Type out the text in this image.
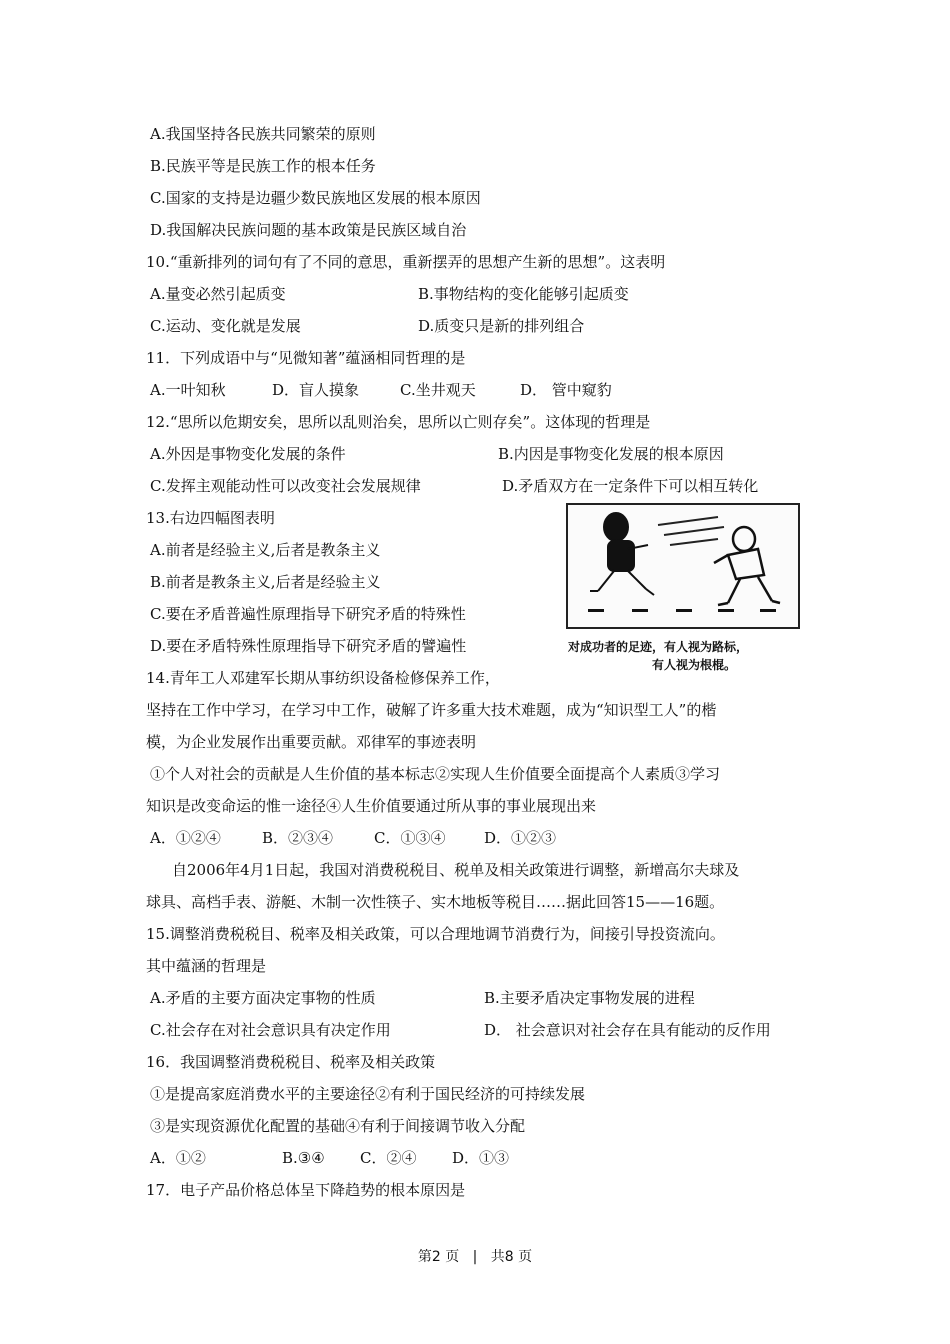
A.我国坚持各民族共同繁荣的原则
B.民族平等是民族工作的根本任务
C.国家的支持是边疆少数民族地区发展的根本原因
D.我国解决民族问题的基本政策是民族区域自治
10.“重新排列的词句有了不同的意思，重新摆弄的思想产生新的思想”。这表明
A.量变必然引起质变	B.事物结构的变化能够引起质变
C.运动、变化就是发展	D.质变只是新的排列组合
11．下列成语中与“见微知著”蕴涵相同哲理的是
A.一叶知秋	D．盲人摸象	C.坐井观天	D． 管中窥豹
12.“思所以危期安矣，思所以乱则治矣，思所以亡则存矣”。这体现的哲理是
A.外因是事物变化发展的条件	B.内因是事物变化发展的根本原因
C.发挥主观能动性可以改变社会发展规律	D.矛盾双方在一定条件下可以相互转化
13.右边四幅图表明
A.前者是经验主义,后者是教条主义
B.前者是教条主义,后者是经验主义
C.要在矛盾普遍性原理指导下研究矛盾的特殊性
D.要在矛盾特殊性原理指导下研究矛盾的譬遍性	对成功者的足迹，有人视为路标，
有人视为根棍。
14.青年工人邓建军长期从事纺织设备检修保养工作，
坚持在工作中学习，在学习中工作，破解了许多重大技术难题，成为“知识型工人”的楷
模，为企业发展作出重要贡献。邓律军的事迹表明
①个人对社会的贡献是人生价值的基本标志②实现人生价值要全面提高个人素质③学习
知识是改变命运的惟一途径④人生价值要通过所从事的事业展现出来
A．①②④	B．②③④	C．①③④	D．①②③
自2006年4月1日起，我国对消费税税目、税单及相关政策进行调整，新增高尔夫球及
球具、高档手表、游艇、木制一次性筷子、实木地板等税目……据此回答15——16题。
15.调整消费税税目、税率及相关政策，可以合理地调节消费行为，间接引导投资流向。
其中蕴涵的哲理是
A.矛盾的主要方面决定事物的性质	B.主要矛盾决定事物发展的进程
C.社会存在对社会意识具有决定作用	D． 社会意识对社会存在具有能动的反作用
16．我国调整消费税税目、税率及相关政策
①是提高家庭消费水平的主要途径②有利于国民经济的可持续发展
③是实现资源优化配置的基础④有利于间接调节收入分配
A．①②	B.③④ C．②④ D．①③
17．电子产品价格总体呈下降趋势的根本原因是
第2 页 | 共8 页
